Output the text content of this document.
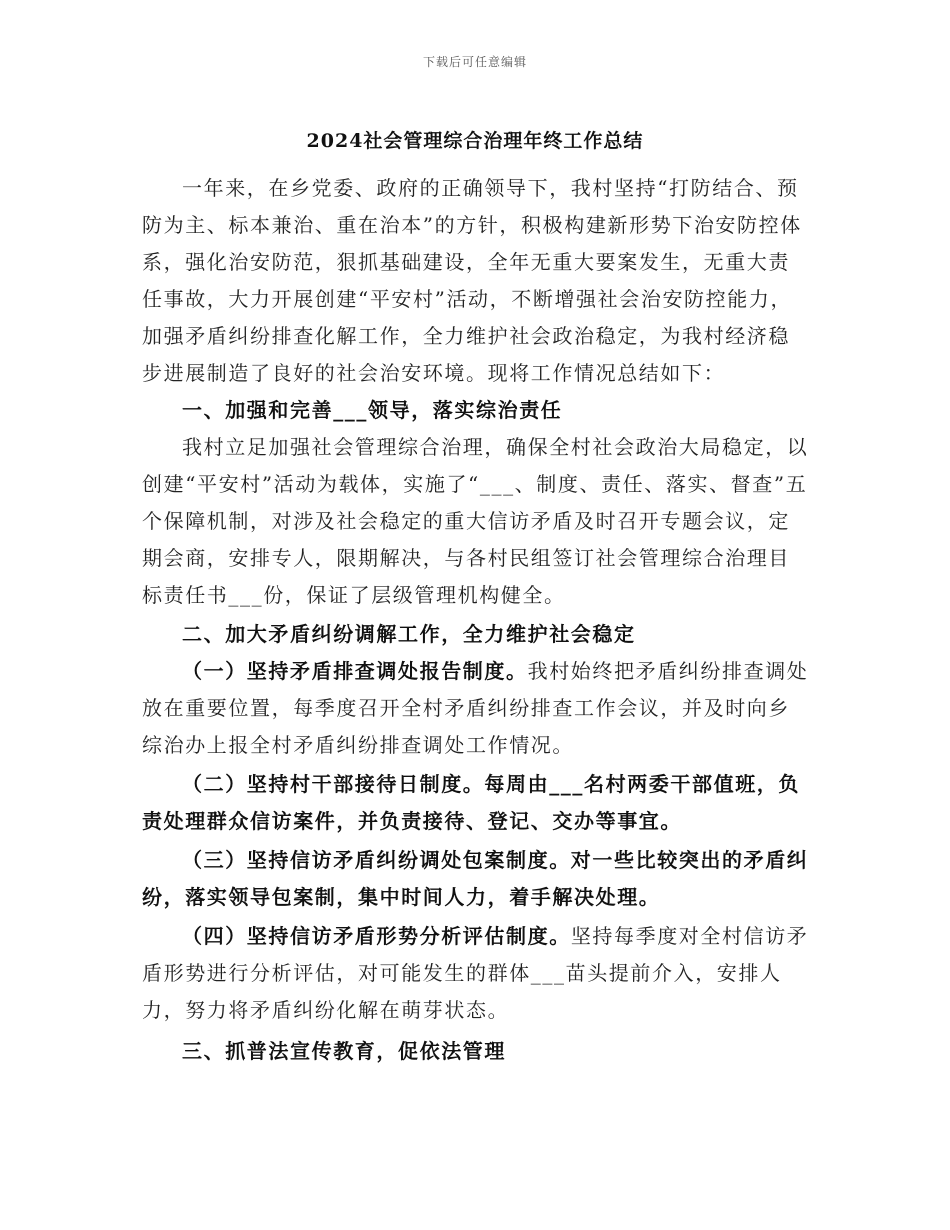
下载后可任意编辑
2024社会管理综合治理年终工作总结

一年来，在乡党委、政府的正确领导下，我村坚持“打防结合、预防为主、标本兼治、重在治本”的方针，积极构建新形势下治安防控体系，强化治安防范，狠抓基础建设，全年无重大要案发生，无重大责任事故，大力开展创建“平安村”活动，不断增强社会治安防控能力，加强矛盾纠纷排查化解工作，全力维护社会政治稳定，为我村经济稳步进展制造了良好的社会治安环境。现将工作情况总结如下：

一、加强和完善___领导，落实综治责任

我村立足加强社会管理综合治理，确保全村社会政治大局稳定，以创建“平安村”活动为载体，实施了“___、制度、责任、落实、督查”五个保障机制，对涉及社会稳定的重大信访矛盾及时召开专题会议，定期会商，安排专人，限期解决，与各村民组签订社会管理综合治理目标责任书___份，保证了层级管理机构健全。

二、加大矛盾纠纷调解工作，全力维护社会稳定

（一）坚持矛盾排查调处报告制度。我村始终把矛盾纠纷排查调处放在重要位置，每季度召开全村矛盾纠纷排查工作会议，并及时向乡综治办上报全村矛盾纠纷排查调处工作情况。

（二）坚持村干部接待日制度。每周由___名村两委干部值班，负责处理群众信访案件，并负责接待、登记、交办等事宜。

（三）坚持信访矛盾纠纷调处包案制度。对一些比较突出的矛盾纠纷，落实领导包案制，集中时间人力，着手解决处理。

（四）坚持信访矛盾形势分析评估制度。坚持每季度对全村信访矛盾形势进行分析评估，对可能发生的群体___苗头提前介入，安排人力，努力将矛盾纠纷化解在萌芽状态。

三、抓普法宣传教育，促依法管理
